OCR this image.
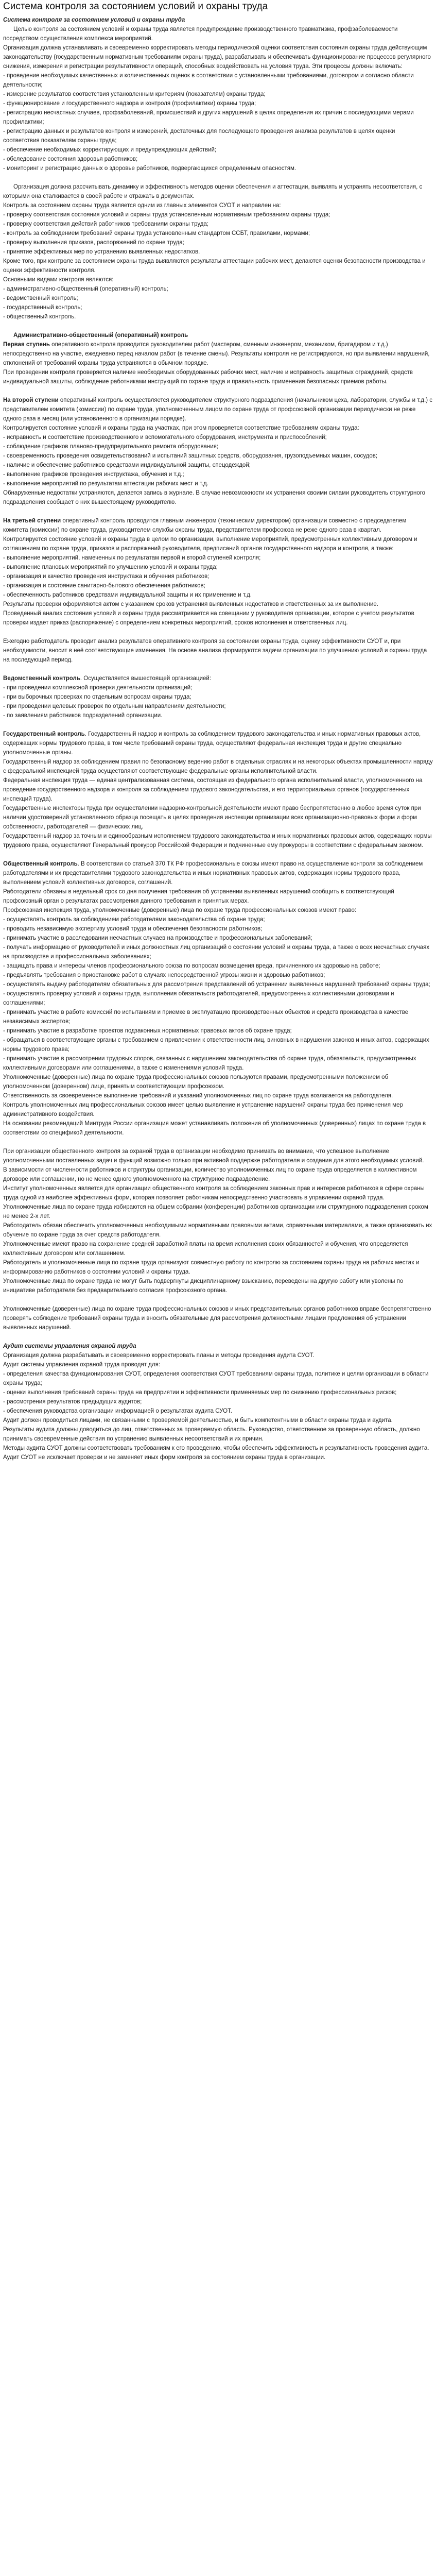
Система контроля за состоянием условий и охраны труда

Система контроля за состоянием условий и охраны труда

Целью контроля за состоянием условий и охраны труда является предупреждение производственного травматизма, профзаболеваемости посредством осуществления комплекса мероприятий.

Организация должна устанавливать и своевременно корректировать методы периодической оценки соответствия состояния охраны труда действующим законодательству (государственным нормативным требованиям охраны труда), разрабатывать и обеспечивать функционирование процессов регулярного снижения, измерения и регистрации результативности операций, способных воздействовать на условия труда. Эти процессы должны включать:

- проведение необходимых качественных и количественных оценок в соответствии с установленными требованиями, договором и согласно области деятельности;

- измерение результатов соответствия установленным критериям (показателям) охраны труда;

- функционирование и государственного надзора и контроля (профилактики) охраны труда;

- регистрацию несчастных случаев, профзаболеваний, происшествий и других нарушений в целях определения их причин с последующими мерами профилактики;

- регистрацию данных и результатов контроля и измерений, достаточных для последующего проведения анализа результатов в целях оценки соответствия показателям охраны труда;

- обеспечение необходимых корректирующих и предупреждающих действий;

- обследование состояния здоровья работников;

- мониторинг и регистрацию данных о здоровье работников, подвергающихся определенным опасностям.

Организация должна рассчитывать динамику и эффективность методов оценки обеспечения и аттестации, выявлять и устранять несоответствия, с которыми она сталкивается в своей работе и отражать в документах.

Контроль за состоянием охраны труда является одним из главных элементов СУОТ и направлен на:

- проверку соответствия состояния условий и охраны труда установленным нормативным требованиям охраны труда;

- проверку соответствия действий работников требованиям охраны труда;

- контроль за соблюдением требований охраны труда установленным стандартом ССБТ, правилами, нормами;

- проверку выполнения приказов, распоряжений по охране труда;

- принятие эффективных мер по устранению выявленных недостатков.

Кроме того, при контроле за состоянием охраны труда выявляются результаты аттестации рабочих мест, делаются оценки безопасности производства и оценки эффективности контроля.

Основными видами контроля являются:

- административно-общественный (оперативный) контроль;

- ведомственный контроль;

- государственный контроль;

- общественный контроль.

Административно-общественный (оперативный) контроль

Первая ступень оперативного контроля проводится руководителем работ (мастером, сменным инженером, механиком, бригадиром и т.д.) непосредственно на участке, ежедневно перед началом работ (в течение смены). Результаты контроля не регистрируются, но при выявлении нарушений, отклонений от требований охраны труда устраняются в обычном порядке.

При проведении контроля проверяется наличие необходимых оборудованных рабочих мест, наличие и исправность защитных ограждений, средств индивидуальной защиты, соблюдение работниками инструкций по охране труда и правильность применения безопасных приемов работы.

На второй ступени оперативный контроль осуществляется руководителем структурного подразделения (начальником цеха, лаборатории, службы и т.д.) с представителем комитета (комиссии) по охране труда, уполномоченным лицом по охране труда от профсоюзной организации периодически не реже одного раза в месяц (или установленного в организации порядке).

Контролируется состояние условий и охраны труда на участках, при этом проверяется соответствие требованиям охраны труда:

- исправность и соответствие производственного и вспомогательного оборудования, инструмента и приспособлений;

- соблюдение графиков планово-предупредительного ремонта оборудования;

- своевременность проведения освидетельствований и испытаний защитных средств, оборудования, грузоподъемных машин, сосудов;

- наличие и обеспечение работников средствами индивидуальной защиты, спецодеждой;

- выполнение графиков проведения инструктажа, обучения и т.д.;

- выполнение мероприятий по результатам аттестации рабочих мест и т.д.

Обнаруженные недостатки устраняются, делается запись в журнале. В случае невозможности их устранения своими силами руководитель структурного подразделения сообщает о них вышестоящему руководителю.

На третьей ступени оперативный контроль проводится главным инженером (техническим директором) организации совместно с председателем комитета (комиссии) по охране труда, руководителем службы охраны труда, представителем профсоюза не реже одного раза в квартал.

Контролируется состояние условий и охраны труда в целом по организации, выполнение мероприятий, предусмотренных коллективным договором и соглашением по охране труда, приказов и распоряжений руководителя, предписаний органов государственного надзора и контроля, а также:

- выполнение мероприятий, намеченных по результатам первой и второй ступеней контроля;

- выполнение плановых мероприятий по улучшению условий и охраны труда;

- организация и качество проведения инструктажа и обучения работников;

- организация и состояние санитарно-бытового обеспечения работников;

- обеспеченность работников средствами индивидуальной защиты и их применение и т.д.

Результаты проверки оформляются актом с указанием сроков устранения выявленных недостатков и ответственных за их выполнение.

Проведенный анализ состояния условий и охраны труда рассматривается на совещании у руководителя организации, которое с учетом результатов проверки издает приказ (распоряжение) с определением конкретных мероприятий, сроков исполнения и ответственных лиц.

Ежегодно работодатель проводит анализ результатов оперативного контроля за состоянием охраны труда, оценку эффективности СУОТ и, при необходимости, вносит в неё соответствующие изменения. На основе анализа формируются задачи организации по улучшению условий и охраны труда на последующий период.

Ведомственный контроль. Осуществляется вышестоящей организацией:

- при проведении комплексной проверки деятельности организаций;

- при выборочных проверках по отдельным вопросам охраны труда;

- при проведении целевых проверок по отдельным направлениям деятельности;

- по заявлениям работников подразделений организации.

Государственный контроль. Государственный надзор и контроль за соблюдением трудового законодательства и иных нормативных правовых актов, содержащих нормы трудового права, в том числе требований охраны труда, осуществляют федеральная инспекция труда и другие специально уполномоченные органы.

Государственный надзор за соблюдением правил по безопасному ведению работ в отдельных отраслях и на некоторых объектах промышленности наряду с федеральной инспекцией труда осуществляют соответствующие федеральные органы исполнительной власти.

Федеральная инспекция труда — единая централизованная система, состоящая из федерального органа исполнительной власти, уполномоченного на проведение государственного надзора и контроля за соблюдением трудового законодательства, и его территориальных органов (государственных инспекций труда).

Государственные инспекторы труда при осуществлении надзорно-контрольной деятельности имеют право беспрепятственно в любое время суток при наличии удостоверений установленного образца посещать в целях проведения инспекции организации всех организационно-правовых форм и форм собственности, работодателей — физических лиц.

Государственный надзор за точным и единообразным исполнением трудового законодательства и иных нормативных правовых актов, содержащих нормы трудового права, осуществляют Генеральный прокурор Российской Федерации и подчиненные ему прокуроры в соответствии с федеральным законом.

Общественный контроль. В соответствии со статьей 370 ТК РФ профессиональные союзы имеют право на осуществление контроля за соблюдением работодателями и их представителями трудового законодательства и иных нормативных правовых актов, содержащих нормы трудового права, выполнением условий коллективных договоров, соглашений.

Работодатели обязаны в недельный срок со дня получения требования об устранении выявленных нарушений сообщить в соответствующий профсоюзный орган о результатах рассмотрения данного требования и принятых мерах.

Профсоюзная инспекция труда, уполномоченные (доверенные) лица по охране труда профессиональных союзов имеют право:

- осуществлять контроль за соблюдением работодателями законодательства об охране труда;

- проводить независимую экспертизу условий труда и обеспечения безопасности работников;

- принимать участие в расследовании несчастных случаев на производстве и профессиональных заболеваний;

- получать информацию от руководителей и иных должностных лиц организаций о состоянии условий и охраны труда, а также о всех несчастных случаях на производстве и профессиональных заболеваниях;

- защищать права и интересы членов профессионального союза по вопросам возмещения вреда, причиненного их здоровью на работе;

- предъявлять требования о приостановке работ в случаях непосредственной угрозы жизни и здоровью работников;

- осуществлять выдачу работодателям обязательных для рассмотрения представлений об устранении выявленных нарушений требований охраны труда;

- осуществлять проверку условий и охраны труда, выполнения обязательств работодателей, предусмотренных коллективными договорами и соглашениями;

- принимать участие в работе комиссий по испытаниям и приемке в эксплуатацию производственных объектов и средств производства в качестве независимых экспертов;

- принимать участие в разработке проектов подзаконных нормативных правовых актов об охране труда;

- обращаться в соответствующие органы с требованием о привлечении к ответственности лиц, виновных в нарушении законов и иных актов, содержащих нормы трудового права;

- принимать участие в рассмотрении трудовых споров, связанных с нарушением законодательства об охране труда, обязательств, предусмотренных коллективными договорами или соглашениями, а также с изменениями условий труда.

Уполномоченные (доверенные) лица по охране труда профессиональных союзов пользуются правами, предусмотренными положением об уполномоченном (доверенном) лице, принятым соответствующим профсоюзом.

Ответственность за своевременное выполнение требований и указаний уполномоченных лиц по охране труда возлагается на работодателя.

Контроль уполномоченных лиц профессиональных союзов имеет целью выявление и устранение нарушений охраны труда без применения мер административного воздействия.

На основании рекомендаций Минтруда России организация может устанавливать положения об уполномоченных (доверенных) лицах по охране труда в соответствии со спецификой деятельности.

При организации общественного контроля за охраной труда в организации необходимо принимать во внимание, что успешное выполнение уполномоченными поставленных задач и функций возможно только при активной поддержке работодателя и создания для этого необходимых условий.

В зависимости от численности работников и структуры организации, количество уполномоченных лиц по охране труда определяется в коллективном договоре или соглашении, но не менее одного уполномоченного на структурное подразделение.

Институт уполномоченных является для организации общественного контроля за соблюдением законных прав и интересов работников в сфере охраны труда одной из наиболее эффективных форм, которая позволяет работникам непосредственно участвовать в управлении охраной труда.

Уполномоченные лица по охране труда избираются на общем собрании (конференции) работников организации или структурного подразделения сроком не менее 2-х лет.

Работодатель обязан обеспечить уполномоченных необходимыми нормативными правовыми актами, справочными материалами, а также организовать их обучение по охране труда за счет средств работодателя.

Уполномоченные имеют право на сохранение средней заработной платы на время исполнения своих обязанностей и обучения, что определяется коллективным договором или соглашением.

Работодатель и уполномоченные лица по охране труда организуют совместную работу по контролю за состоянием охраны труда на рабочих местах и информированию работников о состоянии условий и охраны труда.

Уполномоченные лица по охране труда не могут быть подвергнуты дисциплинарному взысканию, переведены на другую работу или уволены по инициативе работодателя без предварительного согласия профсоюзного органа.

Уполномоченные (доверенные) лица по охране труда профессиональных союзов и иных представительных органов работников вправе беспрепятственно проверять соблюдение требований охраны труда и вносить обязательные для рассмотрения должностными лицами предложения об устранении выявленных нарушений.

Аудит системы управления охраной труда

Организация должна разрабатывать и своевременно корректировать планы и методы проведения аудита СУОТ.

Аудит системы управления охраной труда проводят для:

- определения качества функционирования СУОТ, определения соответствия СУОТ требованиям охраны труда, политике и целям организации в области охраны труда;

- оценки выполнения требований охраны труда на предприятии и эффективности применяемых мер по снижению профессиональных рисков;

- рассмотрения результатов предыдущих аудитов;

- обеспечения руководства организации информацией о результатах аудита СУОТ.

Аудит должен проводиться лицами, не связанными с проверяемой деятельностью, и быть компетентными в области охраны труда и аудита.

Результаты аудита должны доводиться до лиц, ответственных за проверяемую область. Руководство, ответственное за проверенную область, должно принимать своевременные действия по устранению выявленных несоответствий и их причин.

Методы аудита СУОТ должны соответствовать требованиям к его проведению, чтобы обеспечить эффективность и результативность проведения аудита.

Аудит СУОТ не исключает проверки и не заменяет иных форм контроля за состоянием охраны труда в организации.
